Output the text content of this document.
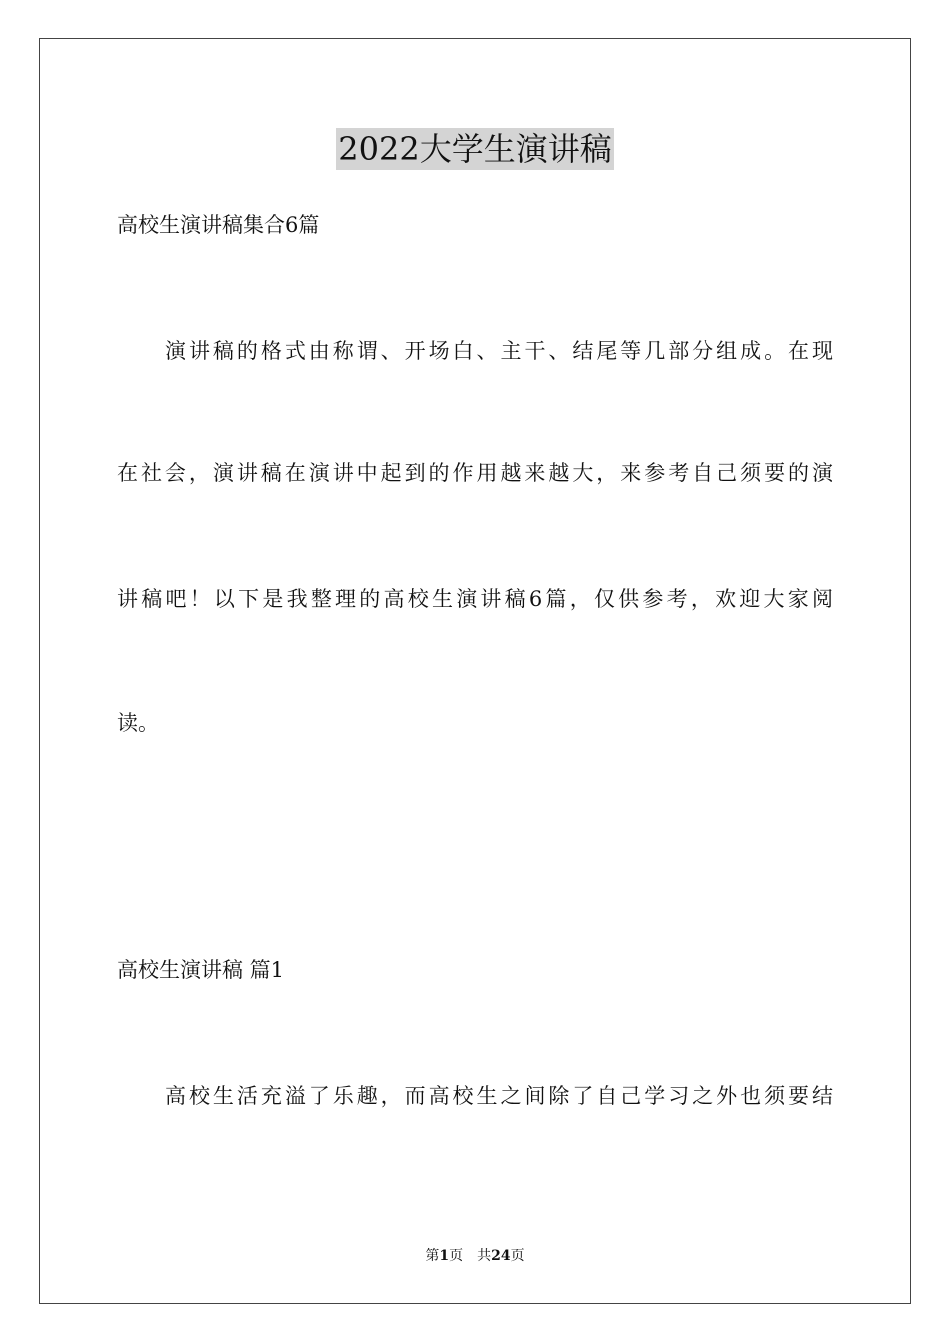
2022大学生演讲稿
高校生演讲稿集合6篇
演讲稿的格式由称谓、开场白、主干、结尾等几部分组成。在现
在社会，演讲稿在演讲中起到的作用越来越大，来参考自己须要的演
讲稿吧！以下是我整理的高校生演讲稿6篇，仅供参考，欢迎大家阅
读。
高校生演讲稿 篇1
高校生活充溢了乐趣，而高校生之间除了自己学习之外也须要结
第1页 共24页
